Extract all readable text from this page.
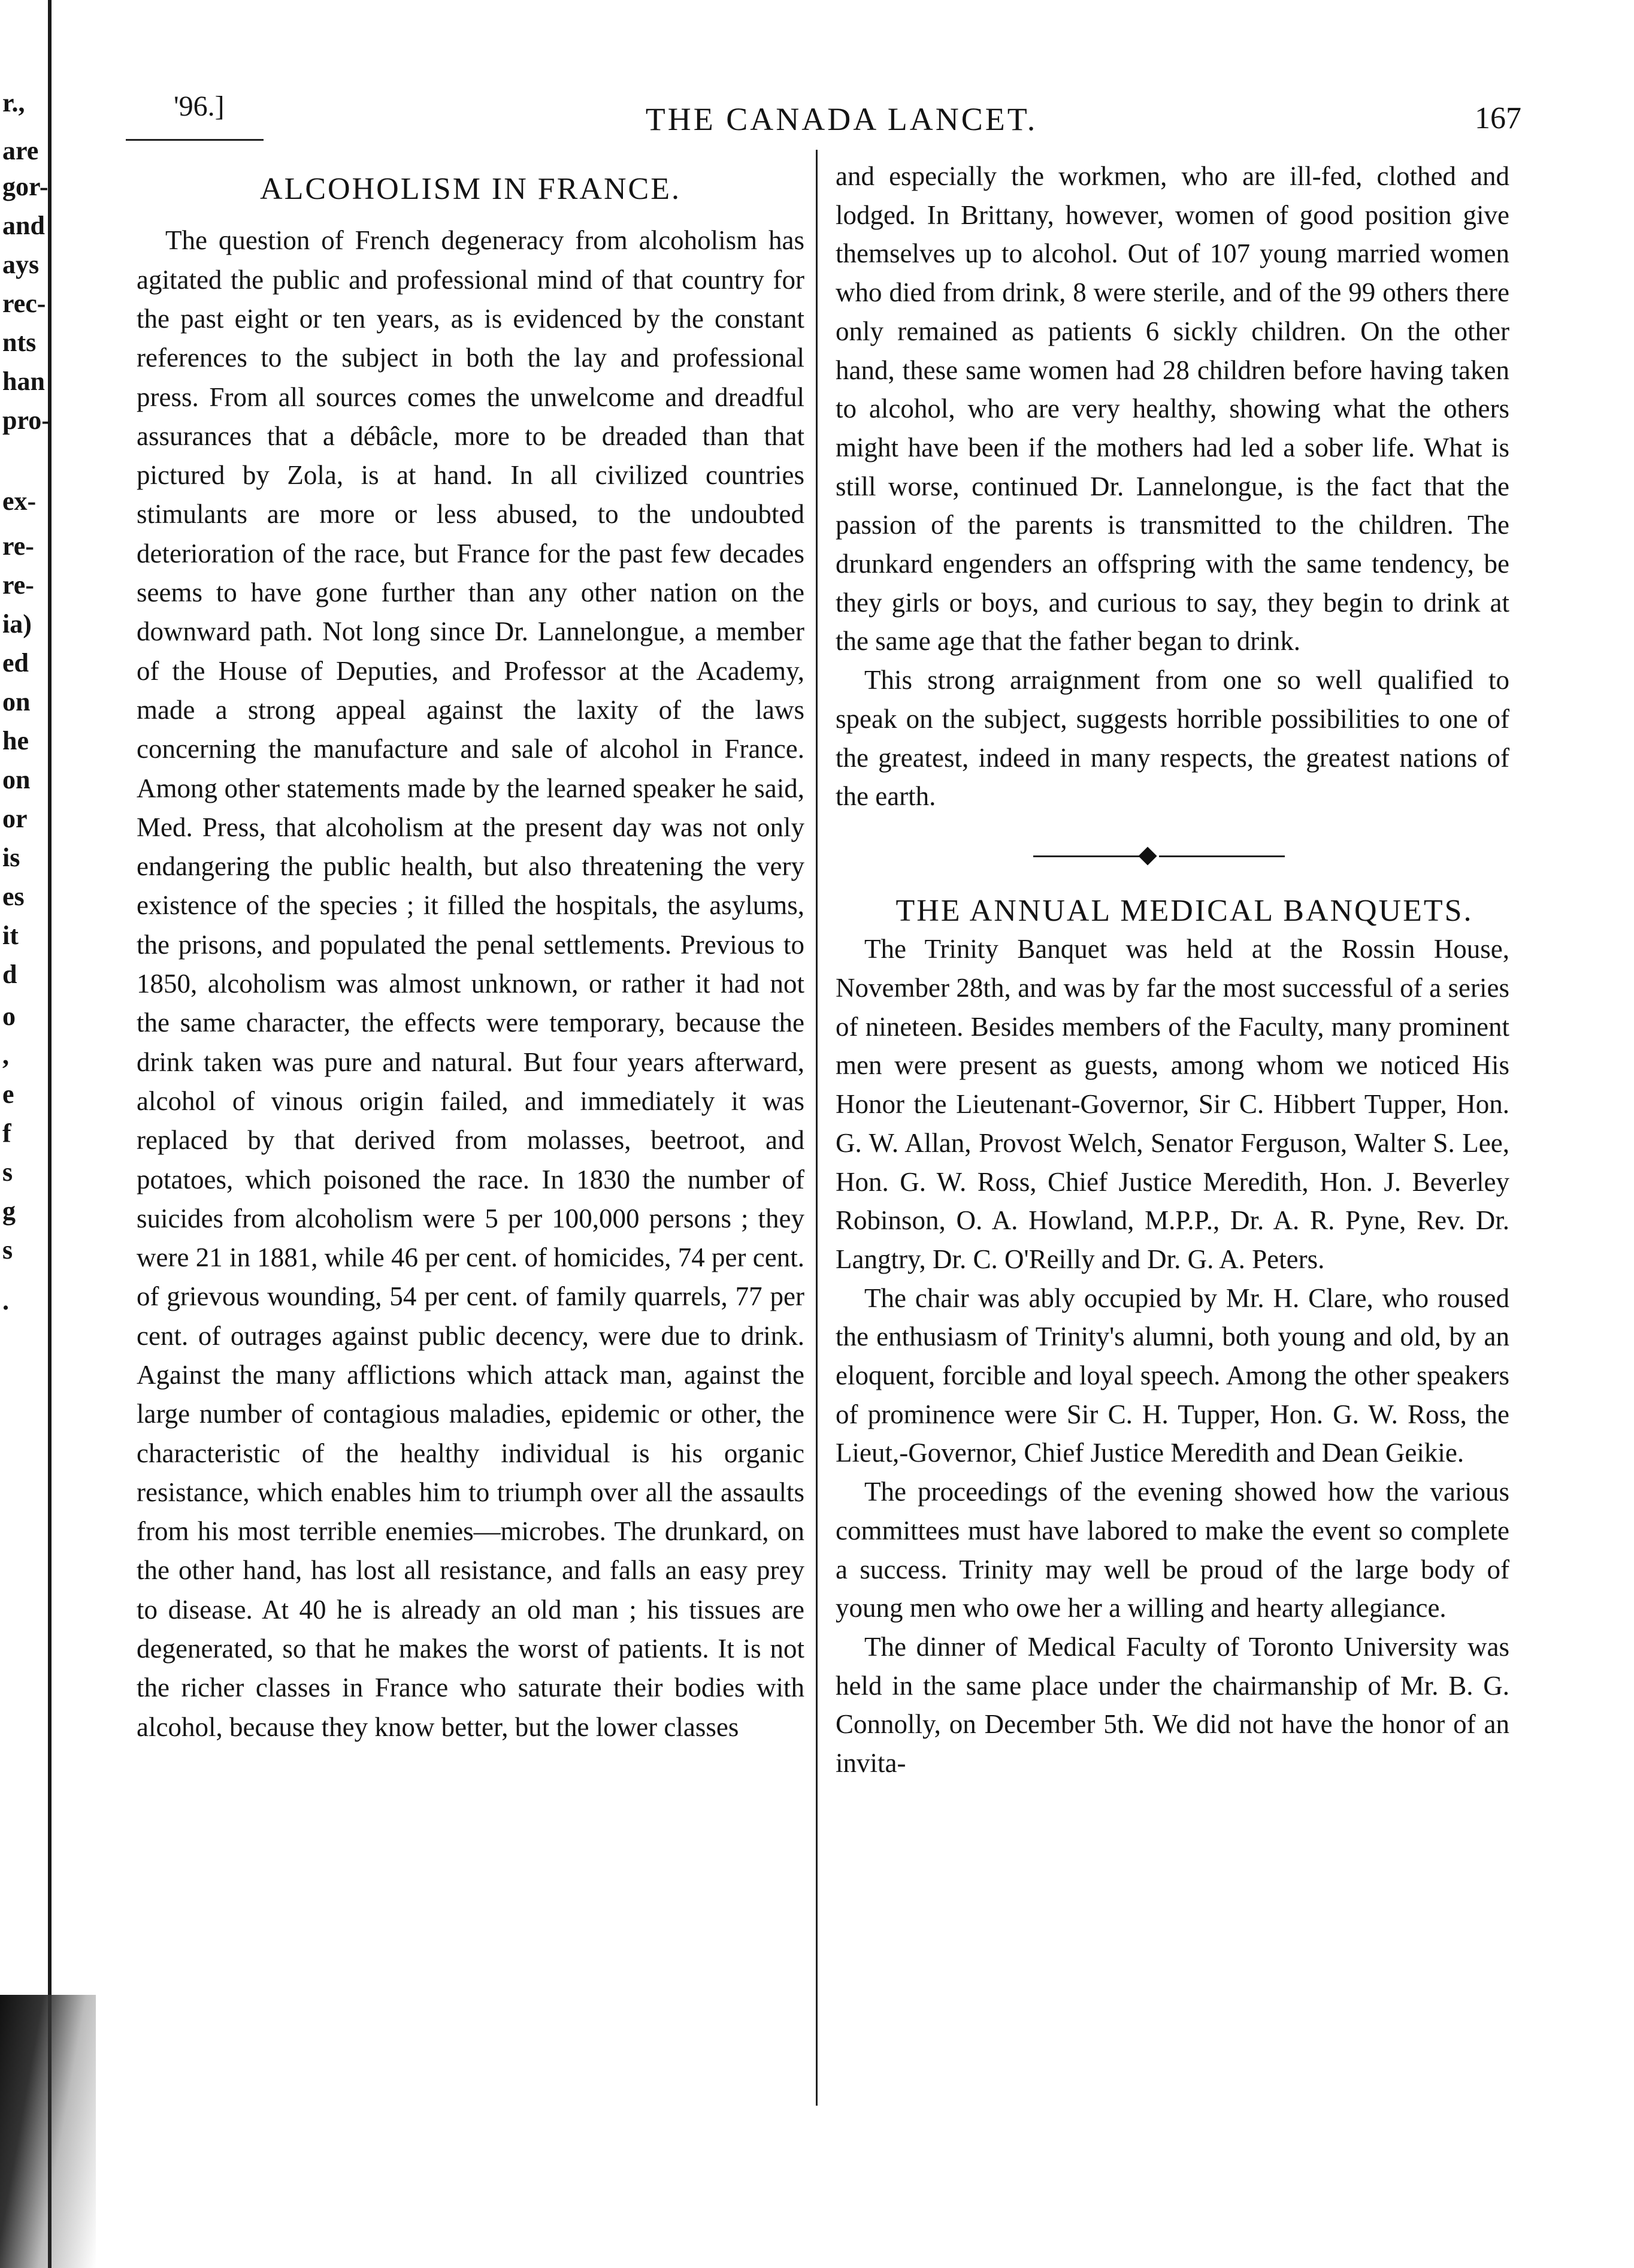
r.,
are
gor-
and
ays
rec-
nts
han
pro-
ex-
re-
re-
ia)
ed
on
he
on
or
is
es
it
d
o
,
e
f
s
g
s
.
'96.]	THE CANADA LANCET.	167
ALCOHOLISM IN FRANCE.

The question of French degeneracy from alcoholism has agitated the public and professional mind of that country for the past eight or ten years, as is evidenced by the constant references to the subject in both the lay and professional press. From all sources comes the unwelcome and dreadful assurances that a débâcle, more to be dreaded than that pictured by Zola, is at hand. In all civilized countries stimulants are more or less abused, to the undoubted deterioration of the race, but France for the past few decades seems to have gone further than any other nation on the downward path. Not long since Dr. Lannelongue, a member of the House of Deputies, and Professor at the Academy, made a strong appeal against the laxity of the laws concerning the manufacture and sale of alcohol in France. Among other statements made by the learned speaker he said, Med. Press, that alcoholism at the present day was not only endangering the public health, but also threatening the very existence of the species ; it filled the hospitals, the asylums, the prisons, and populated the penal settlements. Previous to 1850, alcoholism was almost unknown, or rather it had not the same character, the effects were temporary, because the drink taken was pure and natural. But four years afterward, alcohol of vinous origin failed, and immediately it was replaced by that derived from molasses, beetroot, and potatoes, which poisoned the race. In 1830 the number of suicides from alcoholism were 5 per 100,000 persons ; they were 21 in 1881, while 46 per cent. of homicides, 74 per cent. of grievous wounding, 54 per cent. of family quarrels, 77 per cent. of outrages against public decency, were due to drink. Against the many afflictions which attack man, against the large number of contagious maladies, epidemic or other, the characteristic of the healthy individual is his organic resistance, which enables him to triumph over all the assaults from his most terrible enemies—microbes. The drunkard, on the other hand, has lost all resistance, and falls an easy prey to disease. At 40 he is already an old man ; his tissues are degenerated, so that he makes the worst of patients. It is not the richer classes in France who saturate their bodies with alcohol, because they know better, but the lower classes

and especially the workmen, who are ill-fed, clothed and lodged. In Brittany, however, women of good position give themselves up to alcohol. Out of 107 young married women who died from drink, 8 were sterile, and of the 99 others there only remained as patients 6 sickly children. On the other hand, these same women had 28 children before having taken to alcohol, who are very healthy, showing what the others might have been if the mothers had led a sober life. What is still worse, continued Dr. Lannelongue, is the fact that the passion of the parents is transmitted to the children. The drunkard engenders an offspring with the same tendency, be they girls or boys, and curious to say, they begin to drink at the same age that the father began to drink.

This strong arraignment from one so well qualified to speak on the subject, suggests horrible possibilities to one of the greatest, indeed in many respects, the greatest nations of the earth.

THE ANNUAL MEDICAL BANQUETS.

The Trinity Banquet was held at the Rossin House, November 28th, and was by far the most successful of a series of nineteen. Besides members of the Faculty, many prominent men were present as guests, among whom we noticed His Honor the Lieutenant-Governor, Sir C. Hibbert Tupper, Hon. G. W. Allan, Provost Welch, Senator Ferguson, Walter S. Lee, Hon. G. W. Ross, Chief Justice Meredith, Hon. J. Beverley Robinson, O. A. Howland, M.P.P., Dr. A. R. Pyne, Rev. Dr. Langtry, Dr. C. O'Reilly and Dr. G. A. Peters.

The chair was ably occupied by Mr. H. Clare, who roused the enthusiasm of Trinity's alumni, both young and old, by an eloquent, forcible and loyal speech. Among the other speakers of prominence were Sir C. H. Tupper, Hon. G. W. Ross, the Lieut,-Governor, Chief Justice Meredith and Dean Geikie.

The proceedings of the evening showed how the various committees must have labored to make the event so complete a success. Trinity may well be proud of the large body of young men who owe her a willing and hearty allegiance.

The dinner of Medical Faculty of Toronto University was held in the same place under the chairmanship of Mr. B. G. Connolly, on December 5th. We did not have the honor of an invita-
